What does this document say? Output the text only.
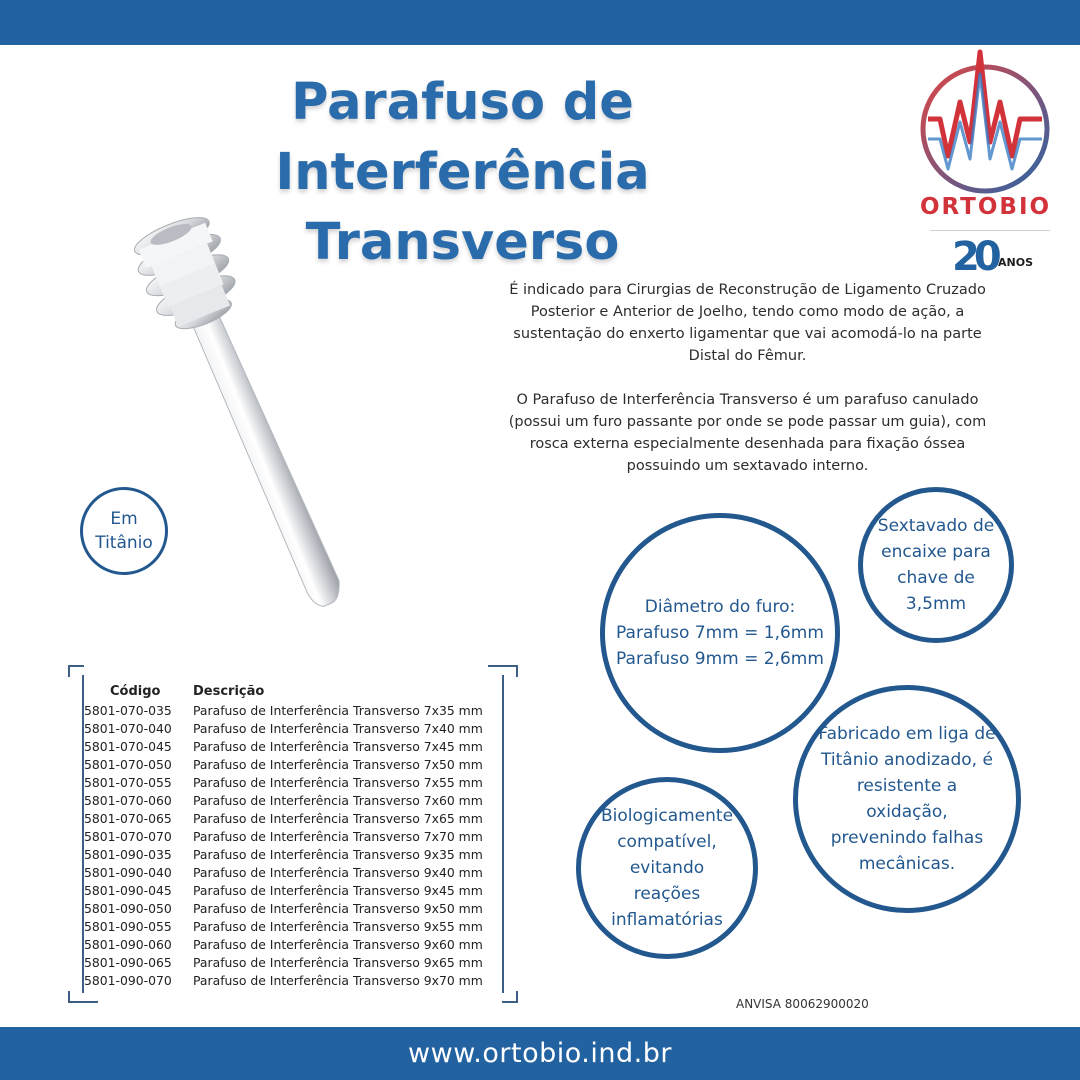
Parafuso de Interferência
Transverso
ORTOBIO
20 ANOS

É indicado para Cirurgias de Reconstrução de Ligamento Cruzado Posterior e Anterior de Joelho, tendo como modo de ação, a sustentação do enxerto ligamentar que vai acomodá-lo na parte Distal do Fêmur.

O Parafuso de Interferência Transverso é um parafuso canulado (possui um furo passante por onde se pode passar um guia), com rosca externa especialmente desenhada para fixação óssea possuindo um sextavado interno.

Em
Titânio
Diâmetro do furo:
Parafuso 7mm = 1,6mm
Parafuso 9mm = 2,6mm
Sextavado de
encaixe para
chave de
3,5mm
Fabricado em liga de
Titânio anodizado, é
resistente a
oxidação,
prevenindo falhas
mecânicas.
Biologicamente
compatível,
evitando
reações
inflamatórias
Código	Descrição
5801-070-035	Parafuso de Interferência Transverso 7x35 mm
5801-070-040	Parafuso de Interferência Transverso 7x40 mm
5801-070-045	Parafuso de Interferência Transverso 7x45 mm
5801-070-050	Parafuso de Interferência Transverso 7x50 mm
5801-070-055	Parafuso de Interferência Transverso 7x55 mm
5801-070-060	Parafuso de Interferência Transverso 7x60 mm
5801-070-065	Parafuso de Interferência Transverso 7x65 mm
5801-070-070	Parafuso de Interferência Transverso 7x70 mm
5801-090-035	Parafuso de Interferência Transverso 9x35 mm
5801-090-040	Parafuso de Interferência Transverso 9x40 mm
5801-090-045	Parafuso de Interferência Transverso 9x45 mm
5801-090-050	Parafuso de Interferência Transverso 9x50 mm
5801-090-055	Parafuso de Interferência Transverso 9x55 mm
5801-090-060	Parafuso de Interferência Transverso 9x60 mm
5801-090-065	Parafuso de Interferência Transverso 9x65 mm
5801-090-070	Parafuso de Interferência Transverso 9x70 mm
ANVISA 80062900020
www.ortobio.ind.br
